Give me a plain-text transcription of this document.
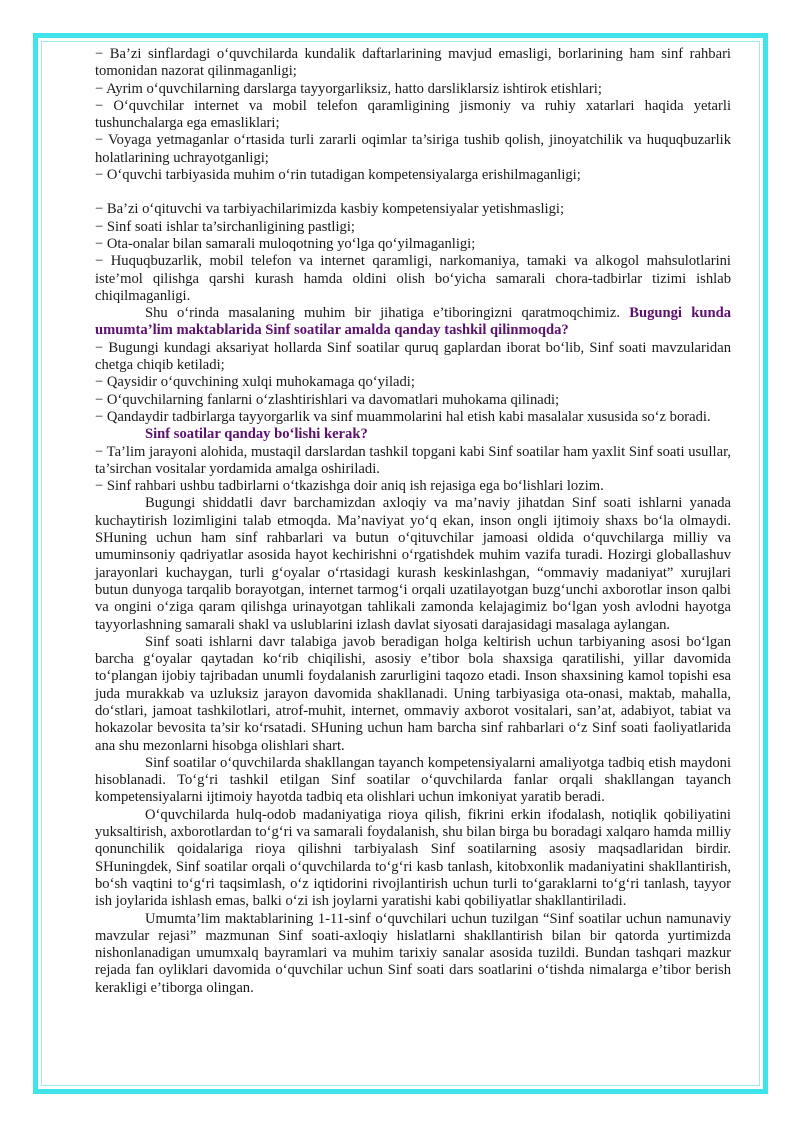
− Ba’zi sinflardagi o‘quvchilarda kundalik daftarlarining mavjud emasligi, borlarining ham sinf rahbari tomonidan nazorat qilinmaganligi;

− Ayrim o‘quvchilarning darslarga tayyorgarliksiz, hatto darsliklarsiz ishtirok etishlari;

− O‘quvchilar internet va mobil telefon qaramligining jismoniy va ruhiy xatarlari haqida yetarli tushunchalarga ega emasliklari;

− Voyaga yetmaganlar o‘rtasida turli zararli oqimlar ta’siriga tushib qolish, jinoyatchilik va huquqbuzarlik holatlarining uchrayotganligi;

− O‘quvchi tarbiyasida muhim o‘rin tutadigan kompetensiyalarga erishilmaganligi;

− Ba’zi o‘qituvchi va tarbiyachilarimizda kasbiy kompetensiyalar yetishmasligi;

− Sinf soati ishlar ta’sirchanligining pastligi;

− Ota-onalar bilan samarali muloqotning yo‘lga qo‘yilmaganligi;

− Huquqbuzarlik, mobil telefon va internet qaramligi, narkomaniya, tamaki va alkogol mahsulotlarini iste’mol qilishga qarshi kurash hamda oldini olish bo‘yicha samarali chora-tadbirlar tizimi ishlab chiqilmaganligi.

Shu o‘rinda masalaning muhim bir jihatiga e’tiboringizni qaratmoqchimiz. Bugungi kunda umumta’lim maktablarida Sinf soatilar amalda qanday tashkil qilinmoqda?

− Bugungi kundagi aksariyat hollarda Sinf soatilar quruq gaplardan iborat bo‘lib, Sinf soati mavzularidan chetga chiqib ketiladi;

− Qaysidir o‘quvchining xulqi muhokamaga qo‘yiladi;

− O‘quvchilarning fanlarni o‘zlashtirishlari va davomatlari muhokama qilinadi;

− Qandaydir tadbirlarga tayyorgarlik va sinf muammolarini hal etish kabi masalalar xususida so‘z boradi.

Sinf soatilar qanday bo‘lishi kerak?

− Ta’lim jarayoni alohida, mustaqil darslardan tashkil topgani kabi Sinf soatilar ham yaxlit Sinf soati usullar, ta’sirchan vositalar yordamida amalga oshiriladi.

− Sinf rahbari ushbu tadbirlarni o‘tkazishga doir aniq ish rejasiga ega bo‘lishlari lozim.

Bugungi shiddatli davr barchamizdan axloqiy va ma’naviy jihatdan Sinf soati ishlarni yanada kuchaytirish lozimligini talab etmoqda. Ma’naviyat yo‘q ekan, inson ongli ijtimoiy shaxs bo‘la olmaydi. SHuning uchun ham sinf rahbarlari va butun o‘qituvchilar jamoasi oldida o‘quvchilarga milliy va umuminsoniy qadriyatlar asosida hayot kechirishni o‘rgatishdek muhim vazifa turadi. Hozirgi globallashuv jarayonlari kuchaygan, turli g‘oyalar o‘rtasidagi kurash keskinlashgan, “ommaviy madaniyat” xurujlari butun dunyoga tarqalib borayotgan, internet tarmog‘i orqali uzatilayotgan buzg‘unchi axborotlar inson qalbi va ongini o‘ziga qaram qilishga urinayotgan tahlikali zamonda kelajagimiz bo‘lgan yosh avlodni hayotga tayyorlashning samarali shakl va uslublarini izlash davlat siyosati darajasidagi masalaga aylangan.

Sinf soati ishlarni davr talabiga javob beradigan holga keltirish uchun tarbiyaning asosi bo‘lgan barcha g‘oyalar qaytadan ko‘rib chiqilishi, asosiy e’tibor bola shaxsiga qaratilishi, yillar davomida to‘plangan ijobiy tajribadan unumli foydalanish zarurligini taqozo etadi. Inson shaxsining kamol topishi esa juda murakkab va uzluksiz jarayon davomida shakllanadi. Uning tarbiyasiga ota-onasi, maktab, mahalla, do‘stlari, jamoat tashkilotlari, atrof-muhit, internet, ommaviy axborot vositalari, san’at, adabiyot, tabiat va hokazolar bevosita ta’sir ko‘rsatadi. SHuning uchun ham barcha sinf rahbarlari o‘z Sinf soati faoliyatlarida ana shu mezonlarni hisobga olishlari shart.

Sinf soatilar o‘quvchilarda shakllangan tayanch kompetensiyalarni amaliyotga tadbiq etish maydoni hisoblanadi. To‘g‘ri tashkil etilgan Sinf soatilar o‘quvchilarda fanlar orqali shakllangan tayanch kompetensiyalarni ijtimoiy hayotda tadbiq eta olishlari uchun imkoniyat yaratib beradi.

O‘quvchilarda hulq-odob madaniyatiga rioya qilish, fikrini erkin ifodalash, notiqlik qobiliyatini yuksaltirish, axborotlardan to‘g‘ri va samarali foydalanish, shu bilan birga bu boradagi xalqaro hamda milliy qonunchilik qoidalariga rioya qilishni tarbiyalash Sinf soatilarning asosiy maqsadlaridan birdir. SHuningdek, Sinf soatilar orqali o‘quvchilarda to‘g‘ri kasb tanlash, kitobxonlik madaniyatini shakllantirish, bo‘sh vaqtini to‘g‘ri taqsimlash, o‘z iqtidorini rivojlantirish uchun turli to‘garaklarni to‘g‘ri tanlash, tayyor ish joylarida ishlash emas, balki o‘zi ish joylarni yaratishi kabi qobiliyatlar shakllantiriladi.

Umumta’lim maktablarining 1-11-sinf o‘quvchilari uchun tuzilgan “Sinf soatilar uchun namunaviy mavzular rejasi” mazmunan Sinf soati-axloqiy hislatlarni shakllantirish bilan bir qatorda yurtimizda nishonlanadigan umumxalq bayramlari va muhim tarixiy sanalar asosida tuzildi. Bundan tashqari mazkur rejada fan oyliklari davomida o‘quvchilar uchun Sinf soati dars soatlarini o‘tishda nimalarga e’tibor berish kerakligi e’tiborga olingan.
